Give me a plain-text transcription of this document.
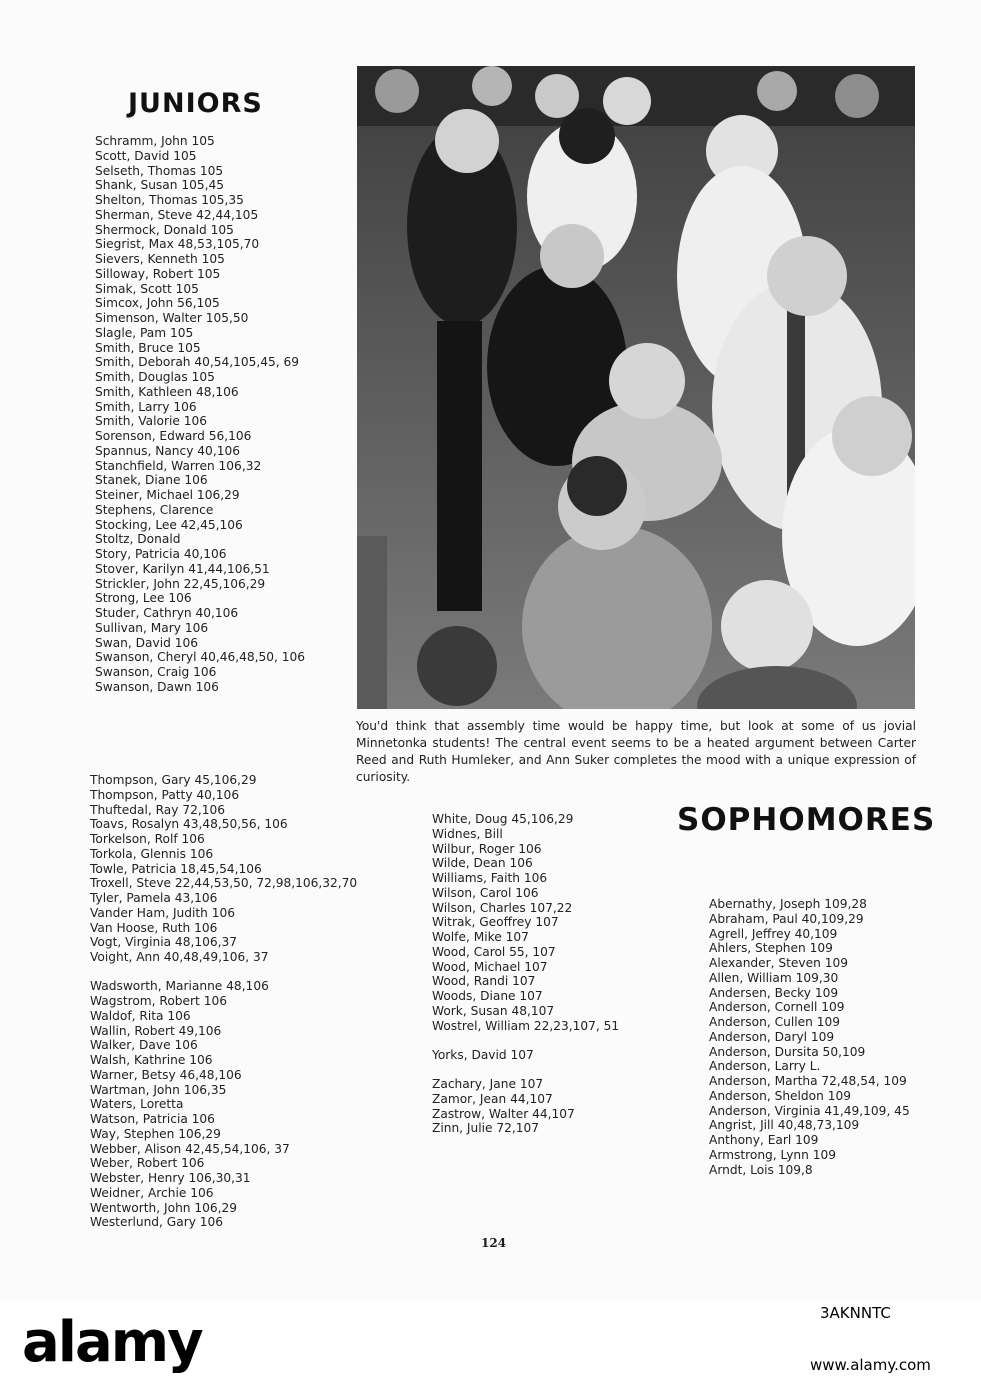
JUNIORS
Schramm, John 105
Scott, David 105
Selseth, Thomas 105
Shank, Susan 105,45
Shelton, Thomas 105,35
Sherman, Steve 42,44,105
Shermock, Donald 105
Siegrist, Max 48,53,105,70
Sievers, Kenneth 105
Silloway, Robert 105
Simak, Scott 105
Simcox, John 56,105
Simenson, Walter 105,50
Slagle, Pam 105
Smith, Bruce 105
Smith, Deborah 40,54,105,45, 69
Smith, Douglas 105
Smith, Kathleen 48,106
Smith, Larry 106
Smith, Valorie 106
Sorenson, Edward 56,106
Spannus, Nancy 40,106
Stanchfield, Warren 106,32
Stanek, Diane 106
Steiner, Michael 106,29
Stephens, Clarence
Stocking, Lee 42,45,106
Stoltz, Donald
Story, Patricia 40,106
Stover, Karilyn 41,44,106,51
Strickler, John 22,45,106,29
Strong, Lee 106
Studer, Cathryn 40,106
Sullivan, Mary 106
Swan, David 106
Swanson, Cheryl 40,46,48,50, 106
Swanson, Craig 106
Swanson, Dawn 106
Thompson, Gary 45,106,29
Thompson, Patty 40,106
Thuftedal, Ray 72,106
Toavs, Rosalyn 43,48,50,56, 106
Torkelson, Rolf 106
Torkola, Glennis 106
Towle, Patricia 18,45,54,106
Troxell, Steve 22,44,53,50, 72,98,106,32,70
Tyler, Pamela 43,106
Vander Ham, Judith 106
Van Hoose, Ruth 106
Vogt, Virginia 48,106,37
Voight, Ann 40,48,49,106, 37
Wadsworth, Marianne 48,106
Wagstrom, Robert 106
Waldof, Rita 106
Wallin, Robert 49,106
Walker, Dave 106
Walsh, Kathrine 106
Warner, Betsy 46,48,106
Wartman, John 106,35
Waters, Loretta
Watson, Patricia 106
Way, Stephen 106,29
Webber, Alison 42,45,54,106, 37
Weber, Robert 106
Webster, Henry 106,30,31
Weidner, Archie 106
Wentworth, John 106,29
Westerlund, Gary 106

You'd think that assembly time would be happy time, but look at some of us jovial Minnetonka students! The central event seems to be a heated argument between Carter Reed and Ruth Humleker, and Ann Suker completes the mood with a unique expression of curiosity.

White, Doug 45,106,29
Widnes, Bill
Wilbur, Roger 106
Wilde, Dean 106
Williams, Faith 106
Wilson, Carol 106
Wilson, Charles 107,22
Witrak, Geoffrey 107
Wolfe, Mike 107
Wood, Carol 55, 107
Wood, Michael 107
Wood, Randi 107
Woods, Diane 107
Work, Susan 48,107
Wostrel, William 22,23,107, 51
Yorks, David 107
Zachary, Jane 107
Zamor, Jean 44,107
Zastrow, Walter 44,107
Zinn, Julie 72,107
SOPHOMORES
Abernathy, Joseph 109,28
Abraham, Paul 40,109,29
Agrell, Jeffrey 40,109
Ahlers, Stephen 109
Alexander, Steven 109
Allen, William 109,30
Andersen, Becky 109
Anderson, Cornell 109
Anderson, Cullen 109
Anderson, Daryl 109
Anderson, Dursita 50,109
Anderson, Larry L.
Anderson, Martha 72,48,54, 109
Anderson, Sheldon 109
Anderson, Virginia 41,49,109, 45
Angrist, Jill 40,48,73,109
Anthony, Earl 109
Armstrong, Lynn 109
Arndt, Lois 109,8

124

alamy	3AKNNTC

www.alamy.com
